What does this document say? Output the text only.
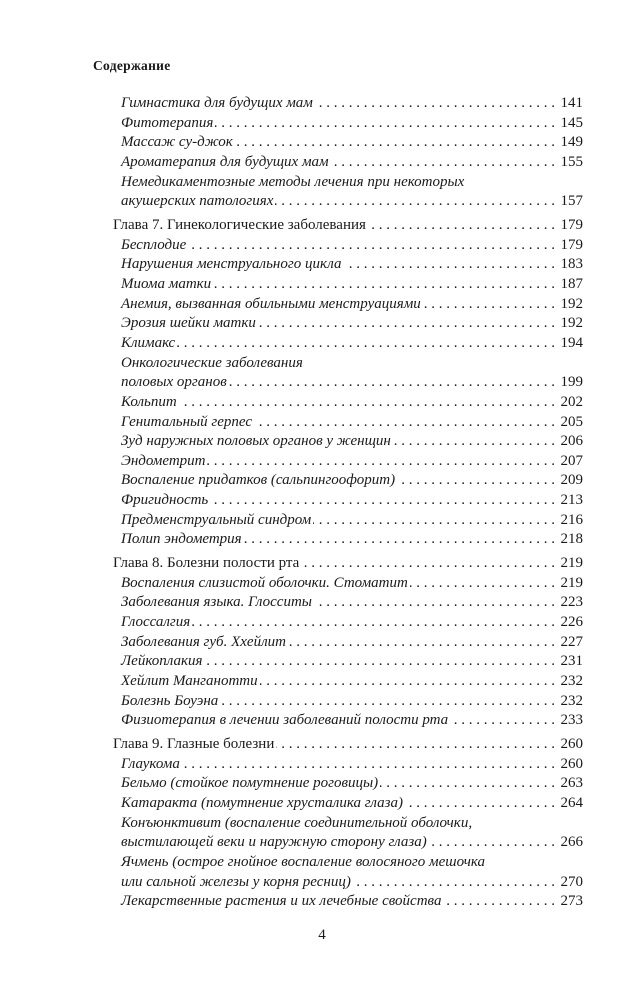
Содержание
Гимнастика для будущих мам . . .	141
Фитотерапия . . .	145
Массаж су-джок . . .	149
Ароматерапия для будущих мам . . .	155
Немедикаментозные методы лечения при некоторых
акушерских патологиях . . .	157
Глава 7. Гинекологические заболевания . . .	179
Бесплодие . . .	179
Нарушения менструального цикла . . .	183
Миома матки . . .	187
Анемия, вызванная обильными менструациями . . .	192
Эрозия шейки матки . . .	192
Климакс . . .	194
Онкологические заболевания
половых органов . . .	199
Кольпит . . .	202
Генитальный герпес . . .	205
Зуд наружных половых органов у женщин . . .	206
Эндометрит . . .	207
Воспаление придатков (сальпингоофорит) . . .	209
Фригидность . . .	213
Предменструальный синдром . . .	216
Полип эндометрия . . .	218
Глава 8. Болезни полости рта . . .	219
Воспаления слизистой оболочки. Стоматит . . .	219
Заболевания языка. Глосситы . . .	223
Глоссалгия . . .	226
Заболевания губ. Ххейлит . . .	227
Лейкоплакия . . .	231
Хейлит Манганотти . . .	232
Болезнь Боуэна . . .	232
Физиотерапия в лечении заболеваний полости рта . . .	233
Глава 9. Глазные болезни . . .	260
Глаукома . . .	260
Бельмо (стойкое помутнение роговицы) . . .	263
Катаракта (помутнение хрусталика глаза) . . .	264
Конъюнктивит (воспаление соединительной оболочки,
выстилающей веки и наружную сторону глаза) . . .	266
Ячмень (острое гнойное воспаление волосяного мешочка
или сальной железы у корня ресниц) . . .	270
Лекарственные растения и их лечебные свойства . . .	273
4
